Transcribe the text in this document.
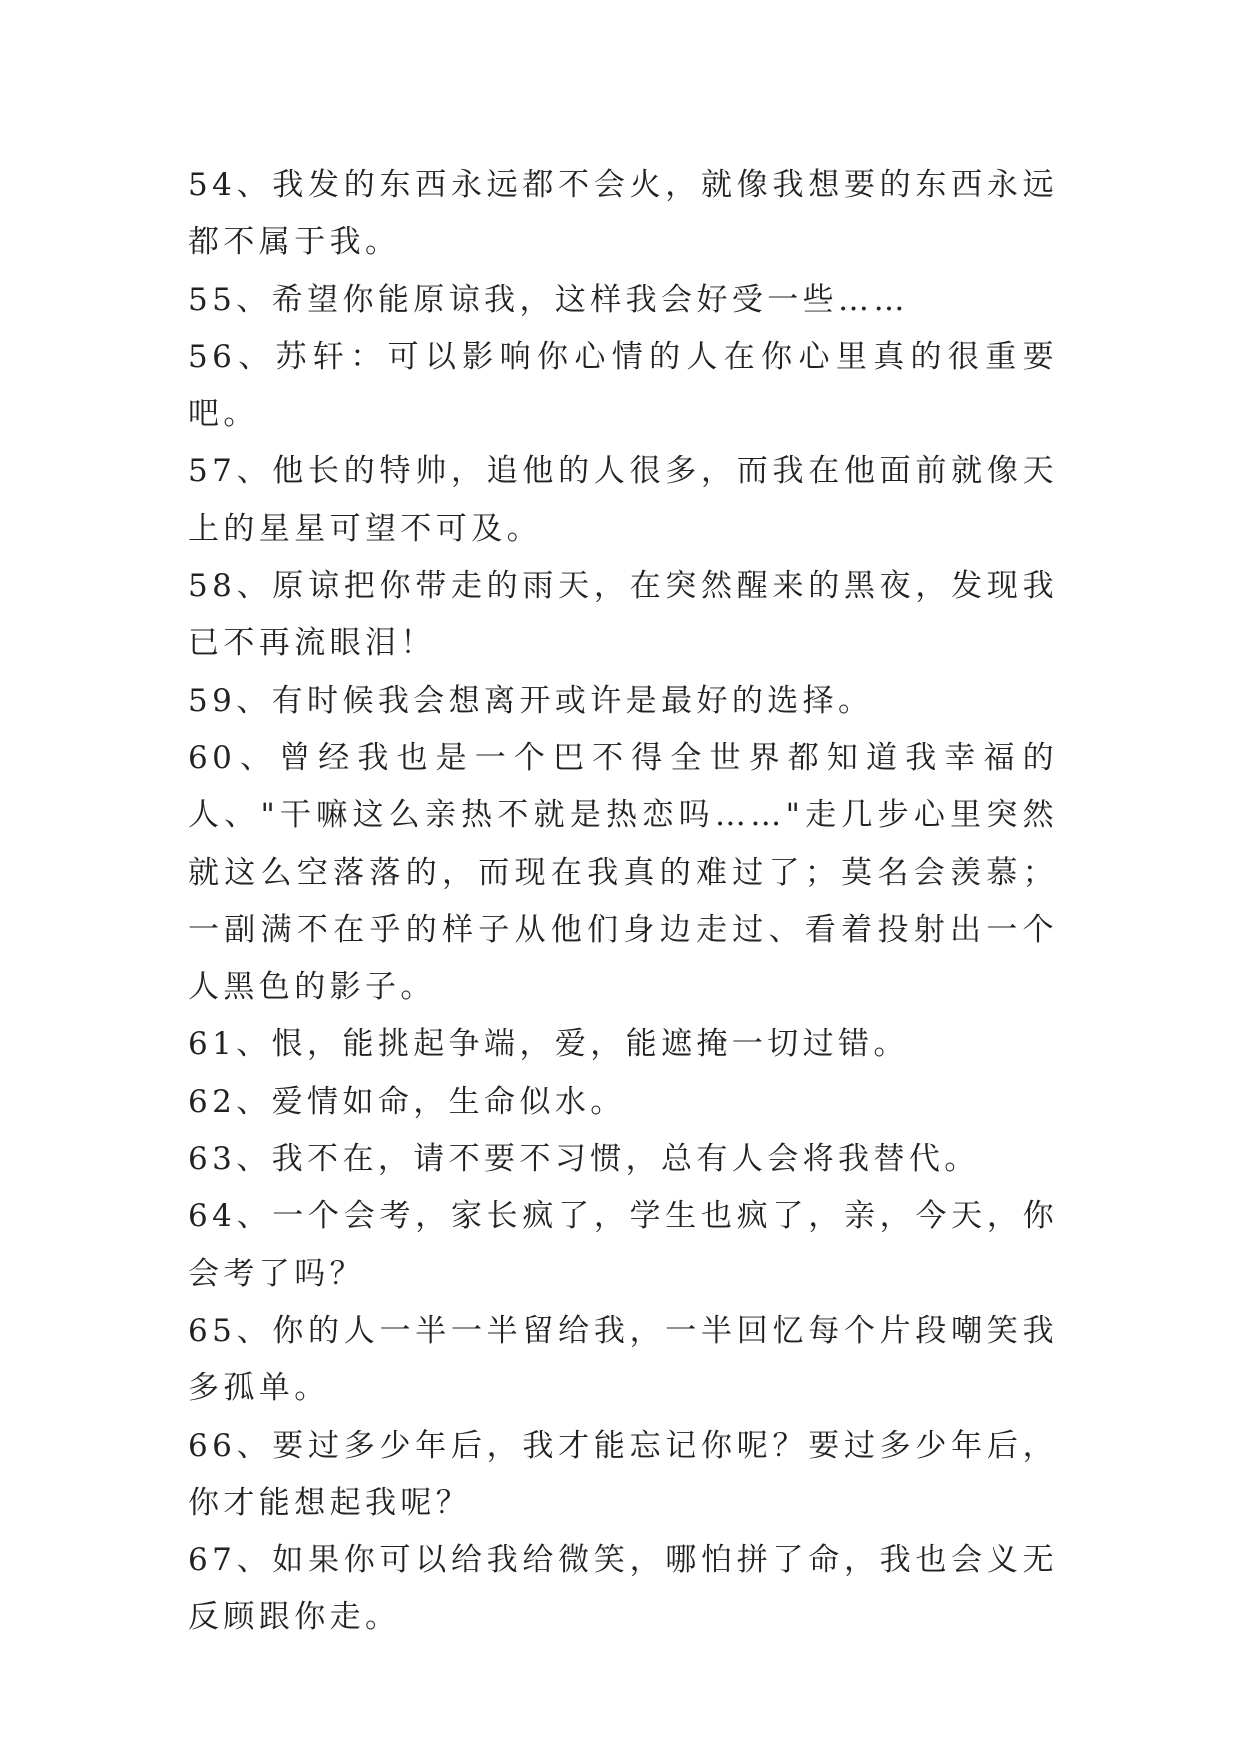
54、我发的东西永远都不会火，就像我想要的东西永远都不属于我。

55、希望你能原谅我，这样我会好受一些……

56、苏轩：可以影响你心情的人在你心里真的很重要吧。

57、他长的特帅，追他的人很多，而我在他面前就像天上的星星可望不可及。

58、原谅把你带走的雨天，在突然醒来的黑夜，发现我已不再流眼泪！

59、有时候我会想离开或许是最好的选择。

60、曾经我也是一个巴不得全世界都知道我幸福的人、"干嘛这么亲热不就是热恋吗……"走几步心里突然就这么空落落的，而现在我真的难过了；莫名会羡慕；一副满不在乎的样子从他们身边走过、看着投射出一个人黑色的影子。

61、恨，能挑起争端，爱，能遮掩一切过错。

62、爱情如命，生命似水。

63、我不在，请不要不习惯，总有人会将我替代。

64、一个会考，家长疯了，学生也疯了，亲，今天，你会考了吗？

65、你的人一半一半留给我，一半回忆每个片段嘲笑我多孤单。

66、要过多少年后，我才能忘记你呢？要过多少年后，你才能想起我呢？

67、如果你可以给我给微笑，哪怕拼了命，我也会义无反顾跟你走。
